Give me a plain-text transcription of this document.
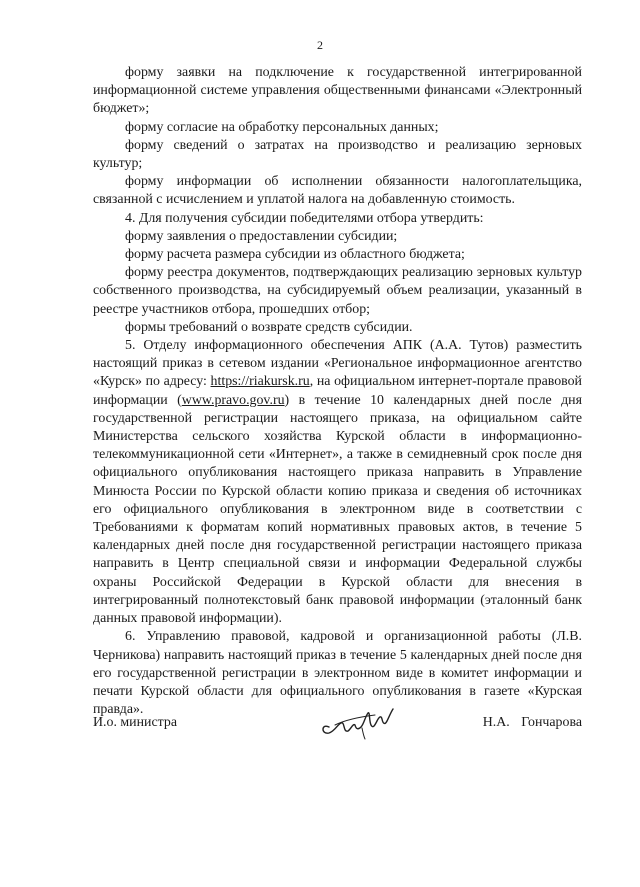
2

форму заявки на подключение к государственной интегрированной информационной системе управления общественными финансами «Электронный бюджет»;

форму согласие на обработку персональных данных;

форму сведений о затратах на производство и реализацию зерновых культур;

форму информации об исполнении обязанности налогоплательщика, связанной с исчислением и уплатой налога на добавленную стоимость.

4. Для получения субсидии победителями отбора утвердить:

форму заявления о предоставлении субсидии;

форму расчета размера субсидии из областного бюджета;

форму реестра документов, подтверждающих реализацию зерновых культур собственного производства, на субсидируемый объем реализации, указанный в реестре участников отбора, прошедших отбор;

формы требований о возврате средств субсидии.

5. Отделу информационного обеспечения АПК (А.А. Тутов) разместить настоящий приказ в сетевом издании «Региональное информационное агентство «Курск» по адресу: https://riakursk.ru, на официальном интернет-портале правовой информации (www.pravo.gov.ru) в течение 10 календарных дней после дня государственной регистрации настоящего приказа, на официальном сайте Министерства сельского хозяйства Курской области в информационно-телекоммуникационной сети «Интернет», а также в семидневный срок после дня официального опубликования настоящего приказа направить в Управление Минюста России по Курской области копию приказа и сведения об источниках его официального опубликования в электронном виде в соответствии с Требованиями к форматам копий нормативных правовых актов, в течение 5 календарных дней после дня государственной регистрации настоящего приказа направить в Центр специальной связи и информации Федеральной службы охраны Российской Федерации в Курской области для внесения в интегрированный полнотекстовый банк правовой информации (эталонный банк данных правовой информации).

6. Управлению правовой, кадровой и организационной работы (Л.В. Черникова) направить настоящий приказ в течение 5 календарных дней после дня его государственной регистрации в электронном виде в комитет информации и печати Курской области для официального опубликования в газете «Курская правда».

И.о. министра	Н.А. Гончарова
